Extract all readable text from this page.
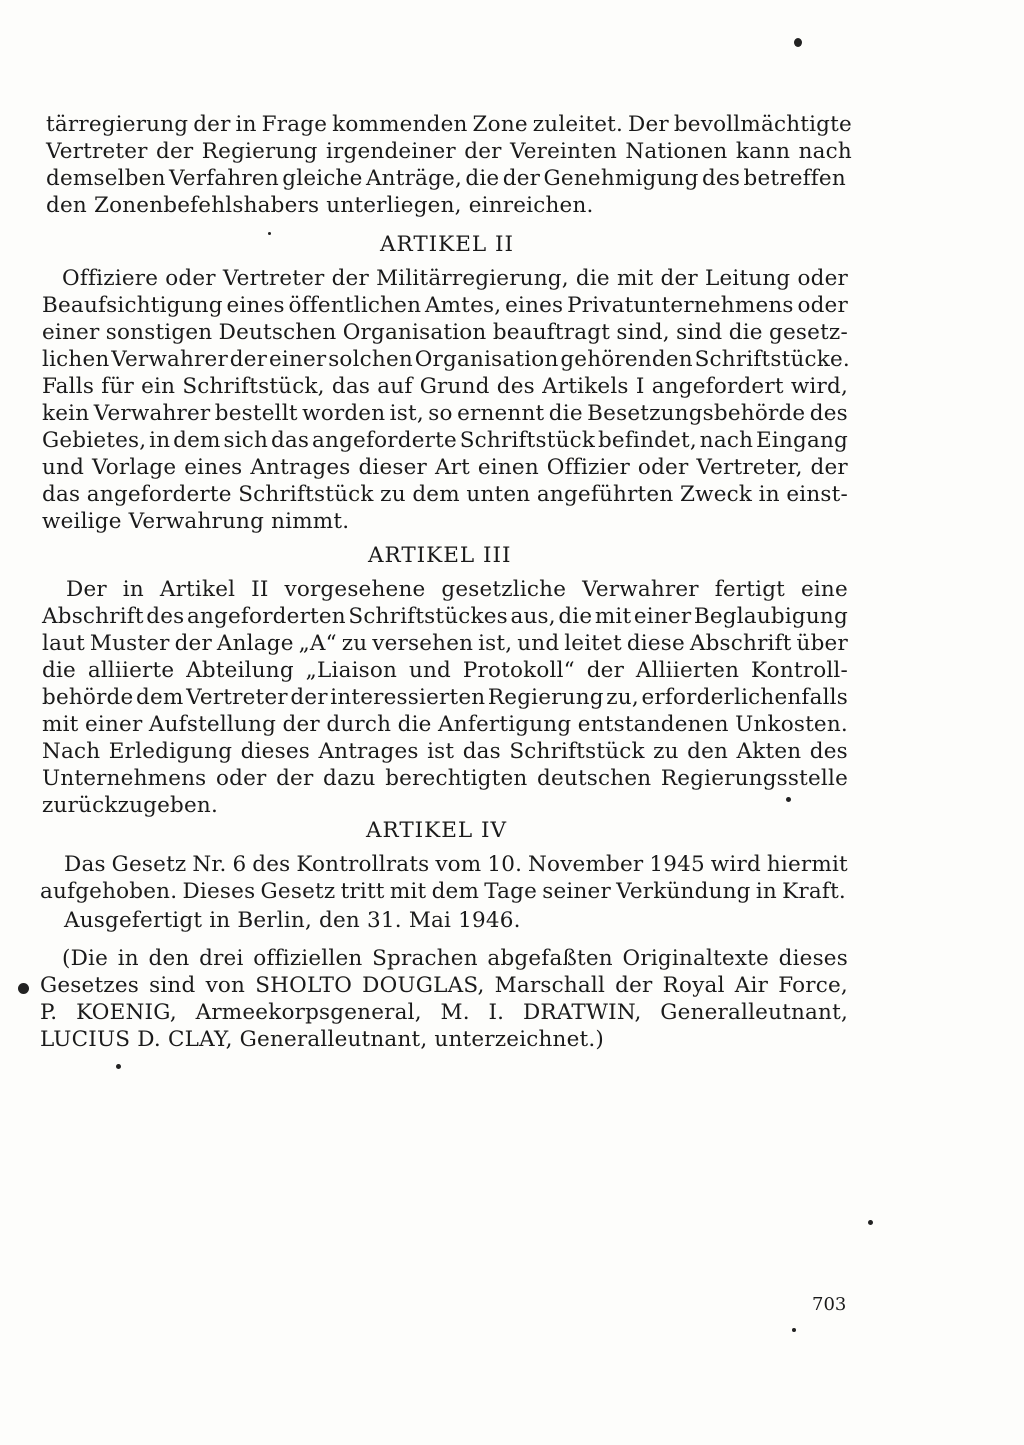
tärregierung der in Frage kommenden Zone zuleitet. Der bevollmächtigte
Vertreter der Regierung irgendeiner der Vereinten Nationen kann nach
demselben Verfahren gleiche Anträge, die der Genehmigung des betreffen
den Zonenbefehlshabers unterliegen, einreichen.
ARTIKEL II
Offiziere oder Vertreter der Militärregierung, die mit der Leitung oder
Beaufsichtigung eines öffentlichen Amtes, eines Privatunternehmens oder
einer sonstigen Deutschen Organisation beauftragt sind, sind die gesetz-
lichen Verwahrer der einer solchen Organisation gehörenden Schriftstücke.
Falls für ein Schriftstück, das auf Grund des Artikels I angefordert wird,
kein Verwahrer bestellt worden ist, so ernennt die Besetzungsbehörde des
Gebietes, in dem sich das angeforderte Schriftstück befindet, nach Eingang
und Vorlage eines Antrages dieser Art einen Offizier oder Vertreter, der
das angeforderte Schriftstück zu dem unten angeführten Zweck in einst-
weilige Verwahrung nimmt.
ARTIKEL III
Der in Artikel II vorgesehene gesetzliche Verwahrer fertigt eine
Abschrift des angeforderten Schriftstückes aus, die mit einer Beglaubigung
laut Muster der Anlage „A“ zu versehen ist, und leitet diese Abschrift über
die alliierte Abteilung „Liaison und Protokoll“ der Alliierten Kontroll-
behörde dem Vertreter der interessierten Regierung zu, erforderlichenfalls
mit einer Aufstellung der durch die Anfertigung entstandenen Unkosten.
Nach Erledigung dieses Antrages ist das Schriftstück zu den Akten des
Unternehmens oder der dazu berechtigten deutschen Regierungsstelle
zurückzugeben.
ARTIKEL IV
Das Gesetz Nr. 6 des Kontrollrats vom 10. November 1945 wird hiermit
aufgehoben. Dieses Gesetz tritt mit dem Tage seiner Verkündung in Kraft.
Ausgefertigt in Berlin, den 31. Mai 1946.
(Die in den drei offiziellen Sprachen abgefaßten Originaltexte dieses
Gesetzes sind von SHOLTO DOUGLAS, Marschall der Royal Air Force,
P. KOENIG, Armeekorpsgeneral, M. I. DRATWIN, Generalleutnant,
LUCIUS D. CLAY, Generalleutnant, unterzeichnet.)
703
